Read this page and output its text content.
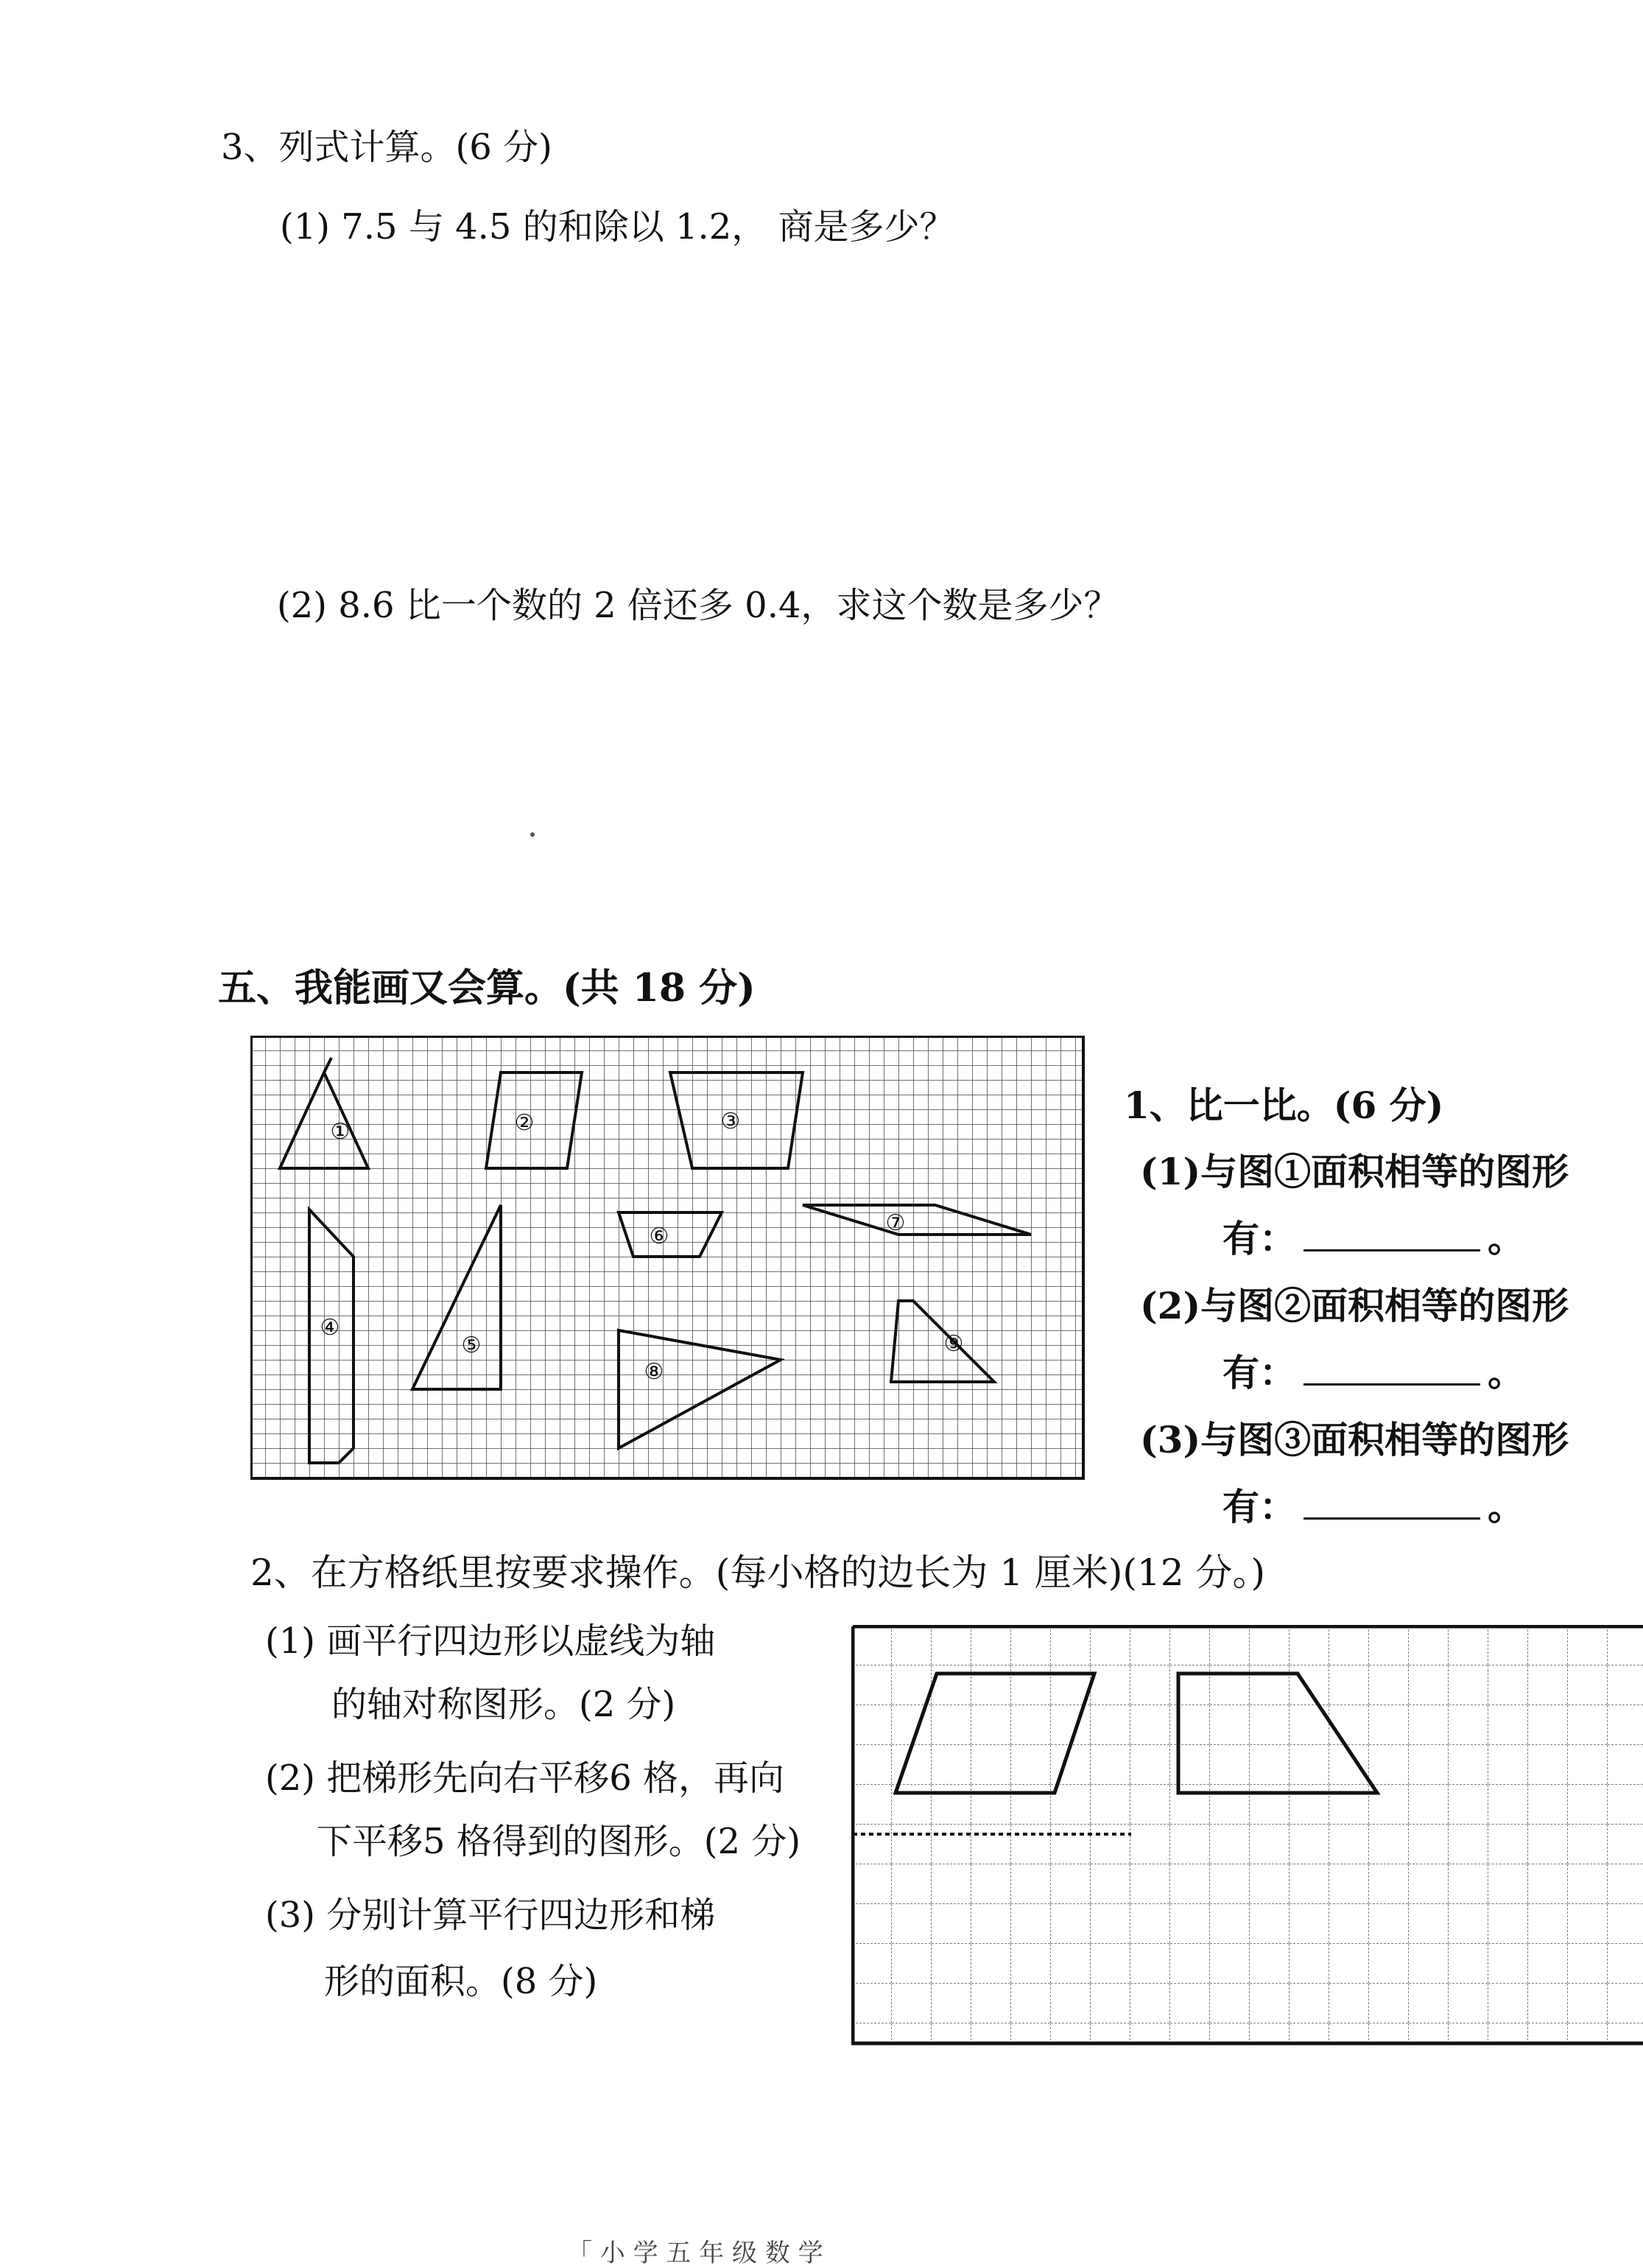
3、列式计算。(6 分)
(1) 7.5 与 4.5 的和除以 1.2， 商是多少？
(2) 8.6 比一个数的 2 倍还多 0.4，求这个数是多少？
五、我能画又会算。(共 18 分)
①	②	③
④
⑤
⑥
⑦
⑧
⑨
1、比一比。(6 分)
(1)与图①面积相等的图形
有：	。
(2)与图②面积相等的图形
有：	。
(3)与图③面积相等的图形
有：	。
2、在方格纸里按要求操作。(每小格的边长为 1 厘米)(12 分。)
(1) 画平行四边形以虚线为轴
的轴对称图形。(2 分)
(2) 把梯形先向右平移6 格，再向
下平移5 格得到的图形。(2 分)
(3) 分别计算平行四边形和梯
形的面积。(8 分)
「 小 学 五 年 级 数 学
